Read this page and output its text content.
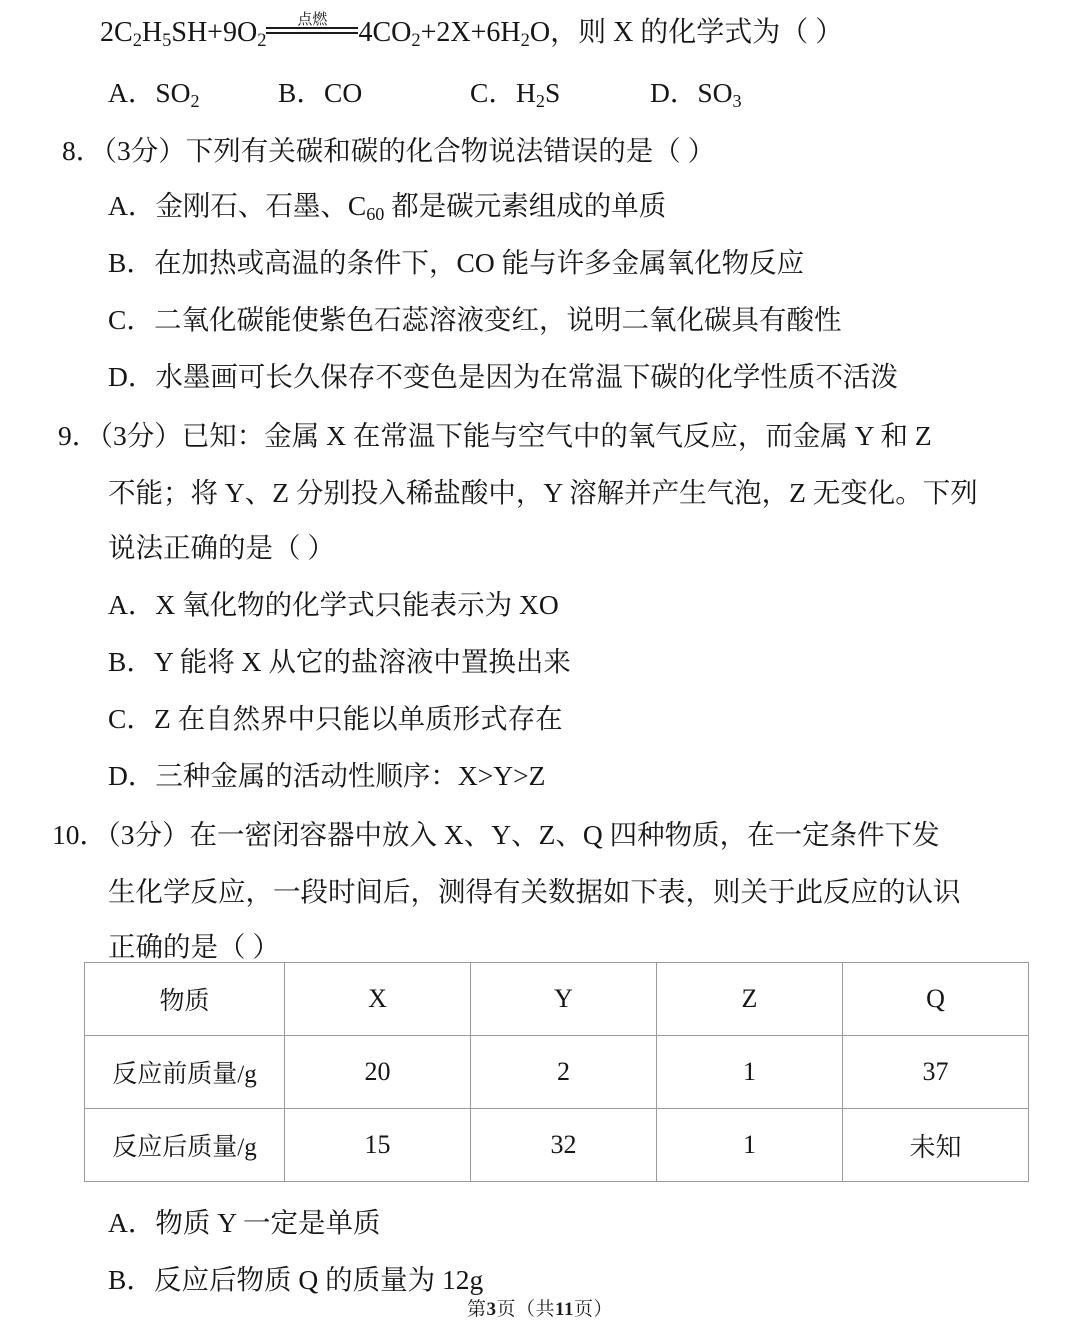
$2C_2H_5SH+9O_2$
点燃 $4CO_2+2X+6H_2O$，则 X 的化学式为（ ）
A．$SO_2$	B．CO	C．$H_2S$	D．$SO_3$
8．（3分）下列有关碳和碳的化合物说法错误的是（ ）
A．金刚石、石墨、$C_{60}$ 都是碳元素组成的单质
B．在加热或高温的条件下，CO 能与许多金属氧化物反应
C．二氧化碳能使紫色石蕊溶液变红，说明二氧化碳具有酸性
D．水墨画可长久保存不变色是因为在常温下碳的化学性质不活泼
9．（3分）已知：金属 X 在常温下能与空气中的氧气反应，而金属 Y 和 Z
不能；将 Y、Z 分别投入稀盐酸中，Y 溶解并产生气泡，Z 无变化。下列
说法正确的是（ ）
A．X 氧化物的化学式只能表示为 XO
B．Y 能将 X 从它的盐溶液中置换出来
C．Z 在自然界中只能以单质形式存在
D．三种金属的活动性顺序：X>Y>Z
10．（3分）在一密闭容器中放入 X、Y、Z、Q 四种物质，在一定条件下发
生化学反应，一段时间后，测得有关数据如下表，则关于此反应的认识
正确的是（ ）
物质	X	Y	Z	Q
反应前质量/g	20	2	1	37
反应后质量/g	15	32	1	未知
A．物质 Y 一定是单质
B．反应后物质 Q 的质量为 12g
第3页（共11页）
